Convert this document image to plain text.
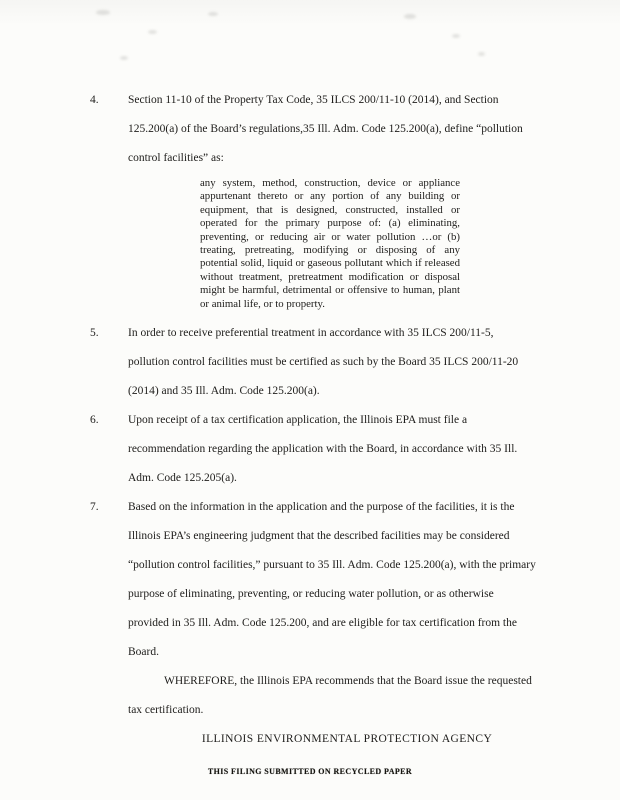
4.	Section 11-10 of the Property Tax Code, 35 ILCS 200/11-10 (2014), and Section 125.200(a) of the Board’s regulations,35 Ill. Adm. Code 125.200(a), define “pollution control facilities” as:
any system, method, construction, device or appliance appurtenant thereto or any portion of any building or equipment, that is designed, constructed, installed or operated for the primary purpose of: (a) eliminating, preventing, or reducing air or water pollution …or (b) treating, pretreating, modifying or disposing of any potential solid, liquid or gaseous pollutant which if released without treatment, pretreatment modification or disposal might be harmful, detrimental or offensive to human, plant or animal life, or to property.
5.	In order to receive preferential treatment in accordance with 35 ILCS 200/11-5, pollution control facilities must be certified as such by the Board 35 ILCS 200/11-20 (2014) and 35 Ill. Adm. Code 125.200(a).
6.	Upon receipt of a tax certification application, the Illinois EPA must file a recommendation regarding the application with the Board, in accordance with 35 Ill. Adm. Code 125.205(a).
7.	Based on the information in the application and the purpose of the facilities, it is the Illinois EPA’s engineering judgment that the described facilities may be considered “pollution control facilities,” pursuant to 35 Ill. Adm. Code 125.200(a), with the primary purpose of eliminating, preventing, or reducing water pollution, or as otherwise provided in 35 Ill. Adm. Code 125.200, and are eligible for tax certification from the Board.
WHEREFORE, the Illinois EPA recommends that the Board issue the requested tax certification.
ILLINOIS ENVIRONMENTAL PROTECTION AGENCY
THIS FILING SUBMITTED ON RECYCLED PAPER
